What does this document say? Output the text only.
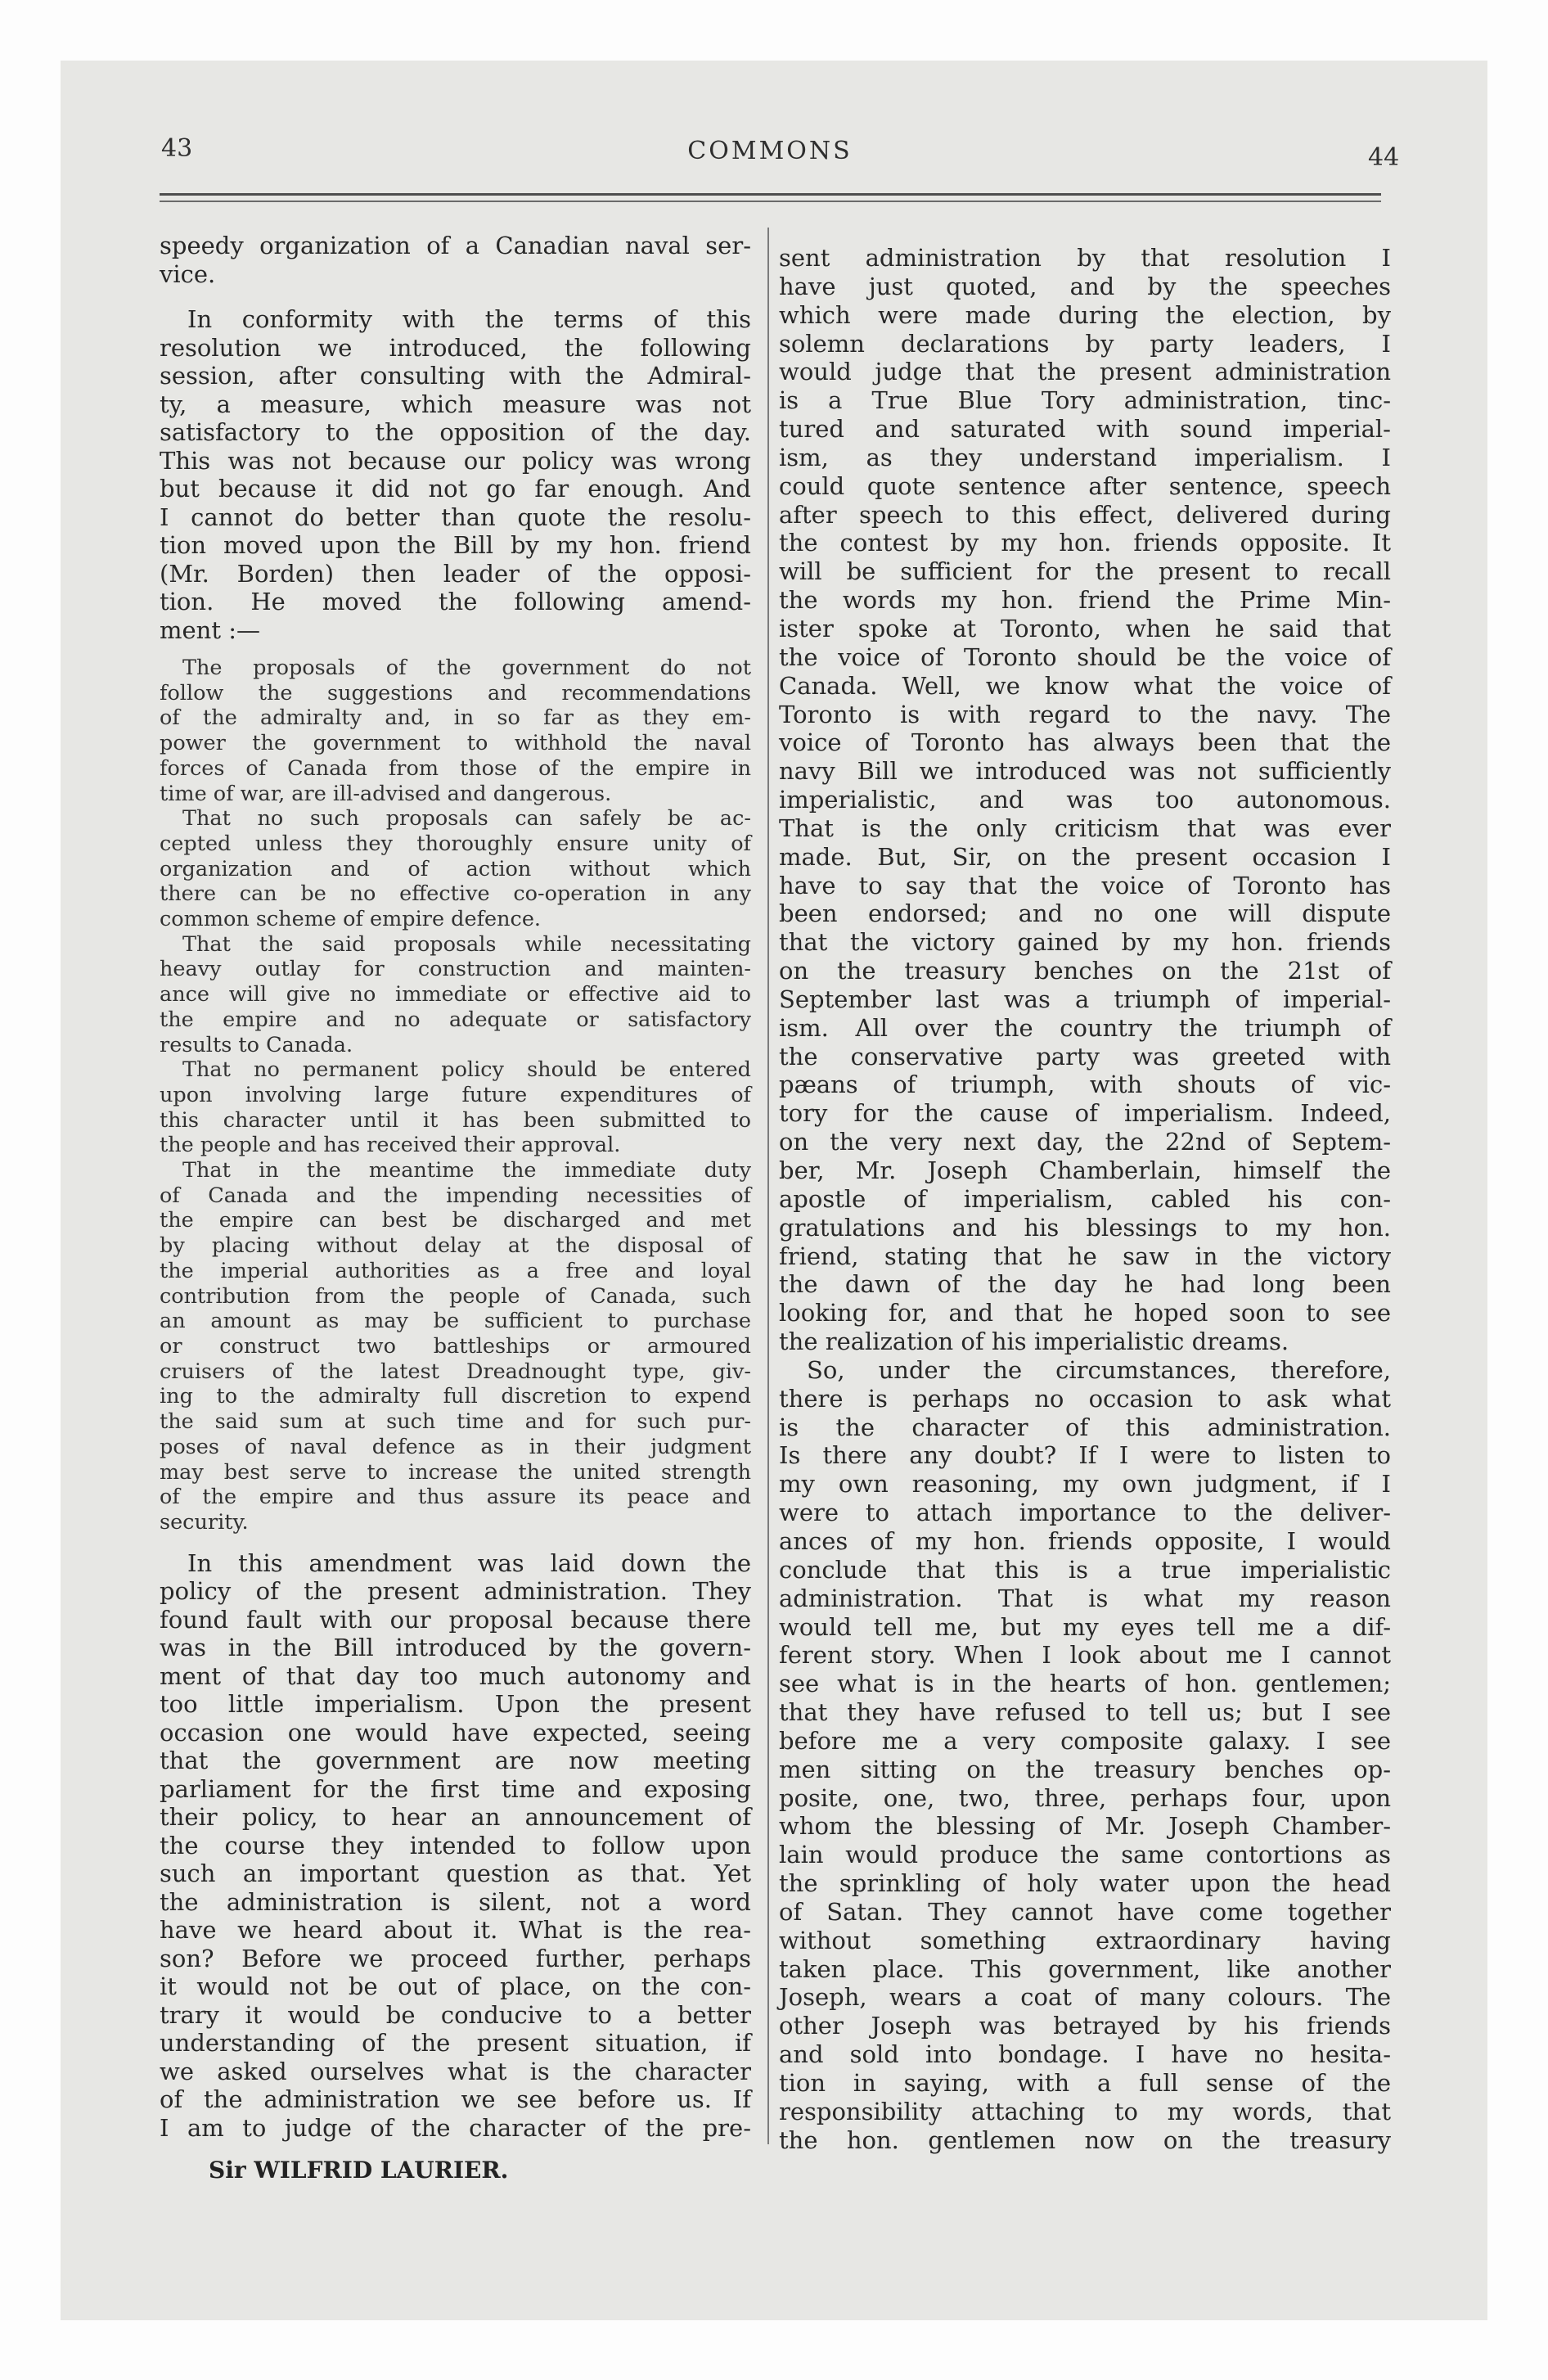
43	COMMONS	44
speedy organization of a Canadian naval ser-
vice.
In conformity with the terms of this
resolution we introduced, the following
session, after consulting with the Admiral-
ty, a measure, which measure was not
satisfactory to the opposition of the day.
This was not because our policy was wrong
but because it did not go far enough. And
I cannot do better than quote the resolu-
tion moved upon the Bill by my hon. friend
(Mr. Borden) then leader of the opposi-
tion. He moved the following amend-
ment :—
The proposals of the government do not
follow the suggestions and recommendations
of the admiralty and, in so far as they em-
power the government to withhold the naval
forces of Canada from those of the empire in
time of war, are ill-advised and dangerous.
That no such proposals can safely be ac-
cepted unless they thoroughly ensure unity of
organization and of action without which
there can be no effective co-operation in any
common scheme of empire defence.
That the said proposals while necessitating
heavy outlay for construction and mainten-
ance will give no immediate or effective aid to
the empire and no adequate or satisfactory
results to Canada.
That no permanent policy should be entered
upon involving large future expenditures of
this character until it has been submitted to
the people and has received their approval.
That in the meantime the immediate duty
of Canada and the impending necessities of
the empire can best be discharged and met
by placing without delay at the disposal of
the imperial authorities as a free and loyal
contribution from the people of Canada, such
an amount as may be sufficient to purchase
or construct two battleships or armoured
cruisers of the latest Dreadnought type, giv-
ing to the admiralty full discretion to expend
the said sum at such time and for such pur-
poses of naval defence as in their judgment
may best serve to increase the united strength
of the empire and thus assure its peace and
security.
In this amendment was laid down the
policy of the present administration. They
found fault with our proposal because there
was in the Bill introduced by the govern-
ment of that day too much autonomy and
too little imperialism. Upon the present
occasion one would have expected, seeing
that the government are now meeting
parliament for the first time and exposing
their policy, to hear an announcement of
the course they intended to follow upon
such an important question as that. Yet
the administration is silent, not a word
have we heard about it. What is the rea-
son? Before we proceed further, perhaps
it would not be out of place, on the con-
trary it would be conducive to a better
understanding of the present situation, if
we asked ourselves what is the character
of the administration we see before us. If
I am to judge of the character of the pre-
sent administration by that resolution I
have just quoted, and by the speeches
which were made during the election, by
solemn declarations by party leaders, I
would judge that the present administration
is a True Blue Tory administration, tinc-
tured and saturated with sound imperial-
ism, as they understand imperialism. I
could quote sentence after sentence, speech
after speech to this effect, delivered during
the contest by my hon. friends opposite. It
will be sufficient for the present to recall
the words my hon. friend the Prime Min-
ister spoke at Toronto, when he said that
the voice of Toronto should be the voice of
Canada. Well, we know what the voice of
Toronto is with regard to the navy. The
voice of Toronto has always been that the
navy Bill we introduced was not sufficiently
imperialistic, and was too autonomous.
That is the only criticism that was ever
made. But, Sir, on the present occasion I
have to say that the voice of Toronto has
been endorsed; and no one will dispute
that the victory gained by my hon. friends
on the treasury benches on the 21st of
September last was a triumph of imperial-
ism. All over the country the triumph of
the conservative party was greeted with
pæans of triumph, with shouts of vic-
tory for the cause of imperialism. Indeed,
on the very next day, the 22nd of Septem-
ber, Mr. Joseph Chamberlain, himself the
apostle of imperialism, cabled his con-
gratulations and his blessings to my hon.
friend, stating that he saw in the victory
the dawn of the day he had long been
looking for, and that he hoped soon to see
the realization of his imperialistic dreams.
So, under the circumstances, therefore,
there is perhaps no occasion to ask what
is the character of this administration.
Is there any doubt? If I were to listen to
my own reasoning, my own judgment, if I
were to attach importance to the deliver-
ances of my hon. friends opposite, I would
conclude that this is a true imperialistic
administration. That is what my reason
would tell me, but my eyes tell me a dif-
ferent story. When I look about me I cannot
see what is in the hearts of hon. gentlemen;
that they have refused to tell us; but I see
before me a very composite galaxy. I see
men sitting on the treasury benches op-
posite, one, two, three, perhaps four, upon
whom the blessing of Mr. Joseph Chamber-
lain would produce the same contortions as
the sprinkling of holy water upon the head
of Satan. They cannot have come together
without something extraordinary having
taken place. This government, like another
Joseph, wears a coat of many colours. The
other Joseph was betrayed by his friends
and sold into bondage. I have no hesita-
tion in saying, with a full sense of the
responsibility attaching to my words, that
the hon. gentlemen now on the treasury
Sir WILFRID LAURIER.
